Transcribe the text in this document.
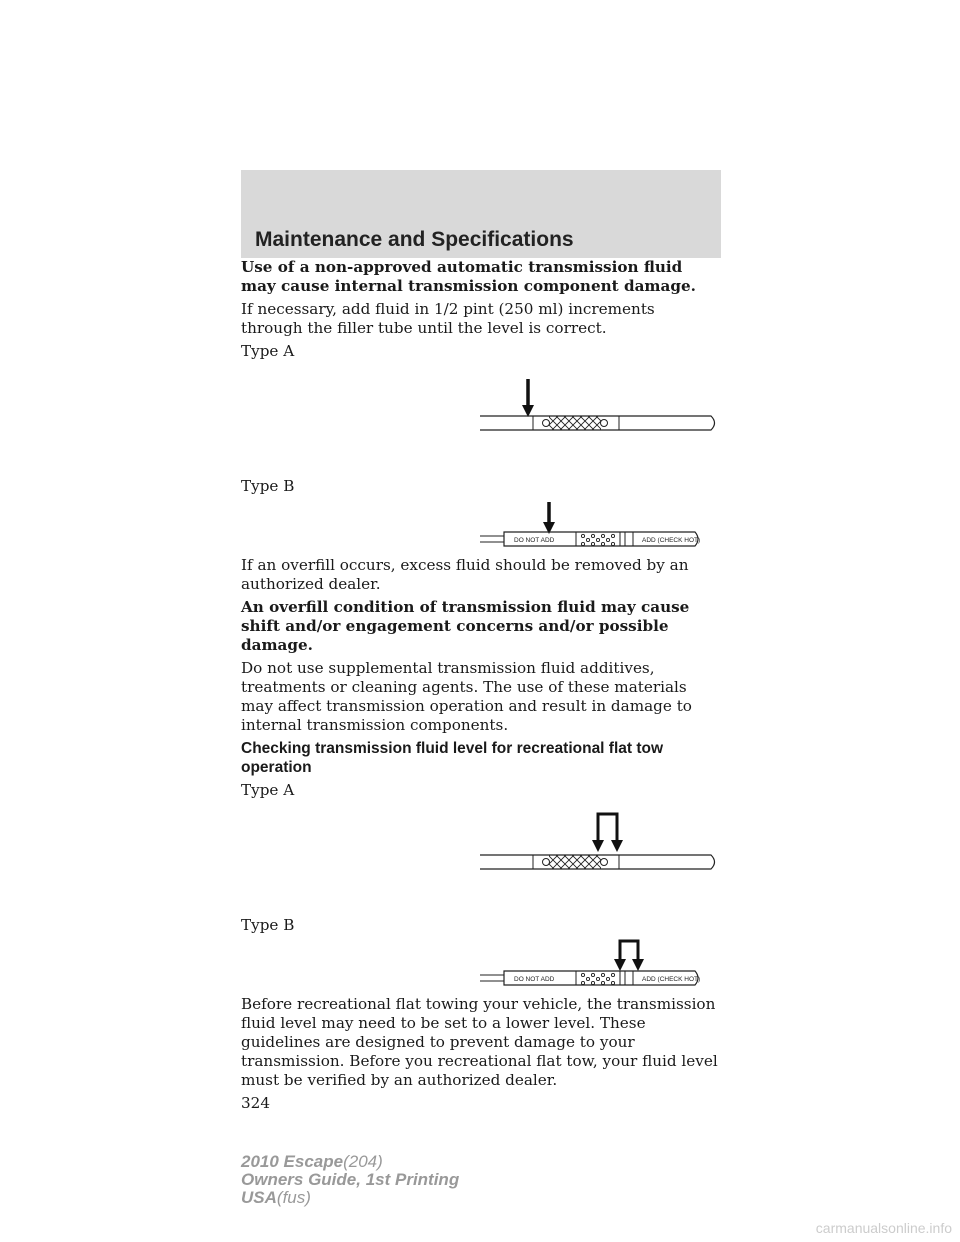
Maintenance and Specifications

Use of a non-approved automatic transmission fluid may cause internal transmission component damage.

If necessary, add fluid in 1/2 pint (250 ml) increments through the filler tube until the level is correct.

Type A

Type B

DO NOT ADD	ADD (CHECK HOT)

If an overfill occurs, excess fluid should be removed by an authorized dealer.

An overfill condition of transmission fluid may cause shift and/or engagement concerns and/or possible damage.

Do not use supplemental transmission fluid additives, treatments or cleaning agents. The use of these materials may affect transmission operation and result in damage to internal transmission components.

Checking transmission fluid level for recreational flat tow operation

Type A

Type B

DO NOT ADD	ADD (CHECK HOT)

Before recreational flat towing your vehicle, the transmission fluid level may need to be set to a lower level. These guidelines are designed to prevent damage to your transmission. Before you recreational flat tow, your fluid level must be verified by an authorized dealer.

324

2010 Escape(204)
Owners Guide, 1st Printing
USA(fus)
carmanualsonline.info
